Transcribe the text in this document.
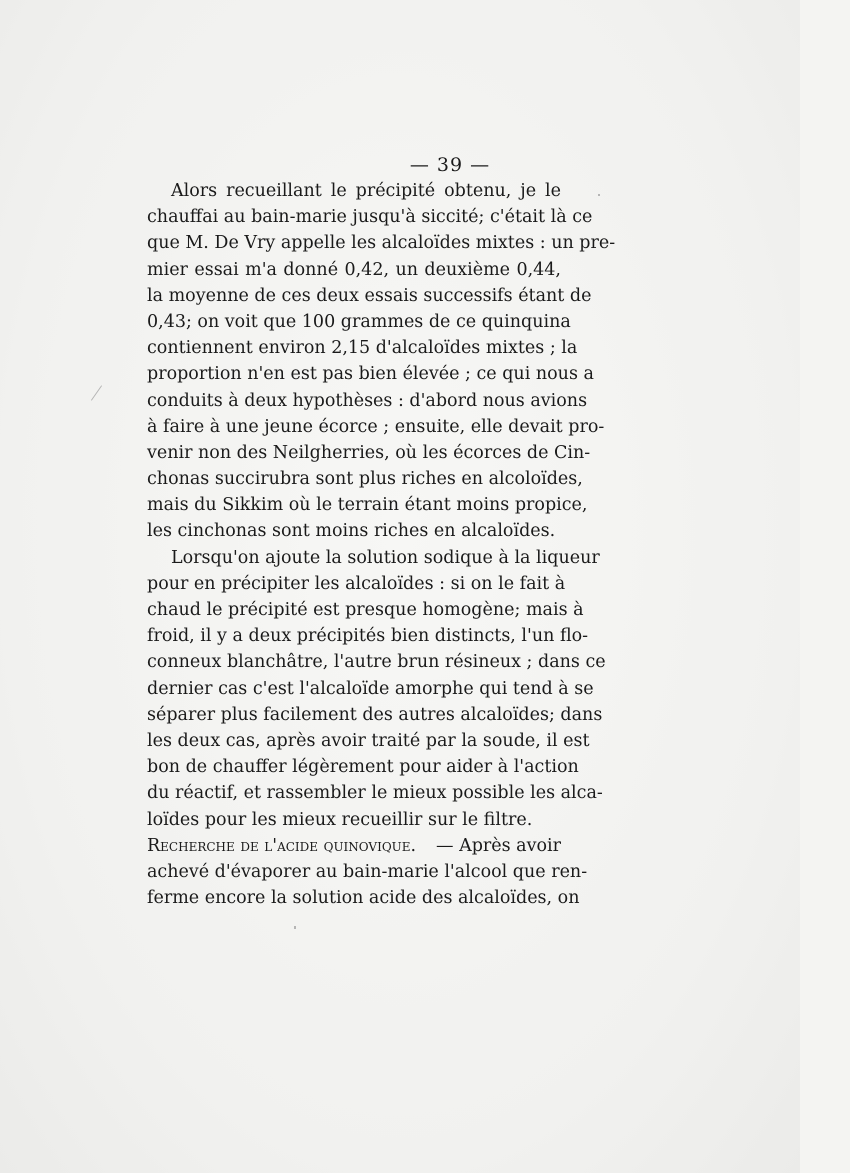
— 39 —
Alors recueillant le précipité obtenu, je le
chauffai au bain-marie jusqu'à siccité; c'était là ce
que M. De Vry appelle les alcaloïdes mixtes : un pre-
mier essai m'a donné 0,42, un deuxième 0,44,
la moyenne de ces deux essais successifs étant de
0,43; on voit que 100 grammes de ce quinquina
contiennent environ 2,15 d'alcaloïdes mixtes ; la
proportion n'en est pas bien élevée ; ce qui nous a
conduits à deux hypothèses : d'abord nous avions
à faire à une jeune écorce ; ensuite, elle devait pro-
venir non des Neilgherries, où les écorces de Cin-
chonas succirubra sont plus riches en alcoloïdes,
mais du Sikkim où le terrain étant moins propice,
les cinchonas sont moins riches en alcaloïdes.
Lorsqu'on ajoute la solution sodique à la liqueur
pour en précipiter les alcaloïdes : si on le fait à
chaud le précipité est presque homogène; mais à
froid, il y a deux précipités bien distincts, l'un flo-
conneux blanchâtre, l'autre brun résineux ; dans ce
dernier cas c'est l'alcaloïde amorphe qui tend à se
séparer plus facilement des autres alcaloïdes; dans
les deux cas, après avoir traité par la soude, il est
bon de chauffer légèrement pour aider à l'action
du réactif, et rassembler le mieux possible les alca-
loïdes pour les mieux recueillir sur le filtre.
Recherche de l'acide quinovique. — Après avoir
achevé d'évaporer au bain-marie l'alcool que ren-
ferme encore la solution acide des alcaloïdes, on
